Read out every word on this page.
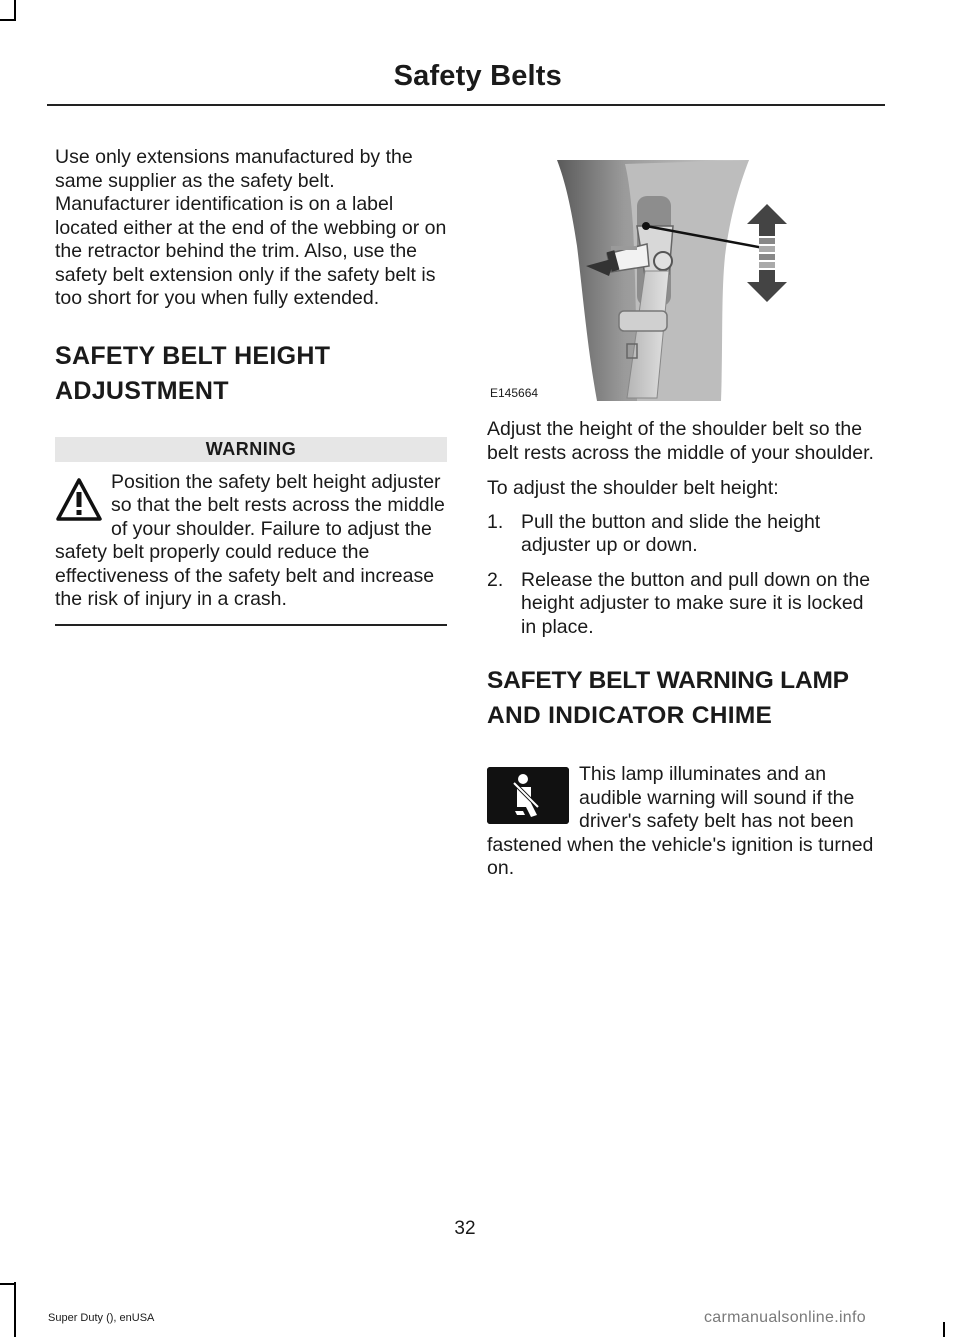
Safety Belts

Use only extensions manufactured by the same supplier as the safety belt. Manufacturer identification is on a label located either at the end of the webbing or on the retractor behind the trim. Also, use the safety belt extension only if the safety belt is too short for you when fully extended.

SAFETY BELT HEIGHT
ADJUSTMENT
WARNING
Position the safety belt height adjuster so that the belt rests across the middle of your shoulder. Failure to adjust the safety belt properly could reduce the effectiveness of the safety belt and increase the risk of injury in a crash.
E145664

Adjust the height of the shoulder belt so the belt rests across the middle of your shoulder.

To adjust the shoulder belt height:

1. Pull the button and slide the height adjuster up or down.
2. Release the button and pull down on the height adjuster to make sure it is locked in place.
SAFETY BELT WARNING LAMP
AND INDICATOR CHIME

This lamp illuminates and an audible warning will sound if the driver's safety belt has not been fastened when the vehicle's ignition is turned on.

32
Super Duty (), enUSA	carmanualsonline.info
